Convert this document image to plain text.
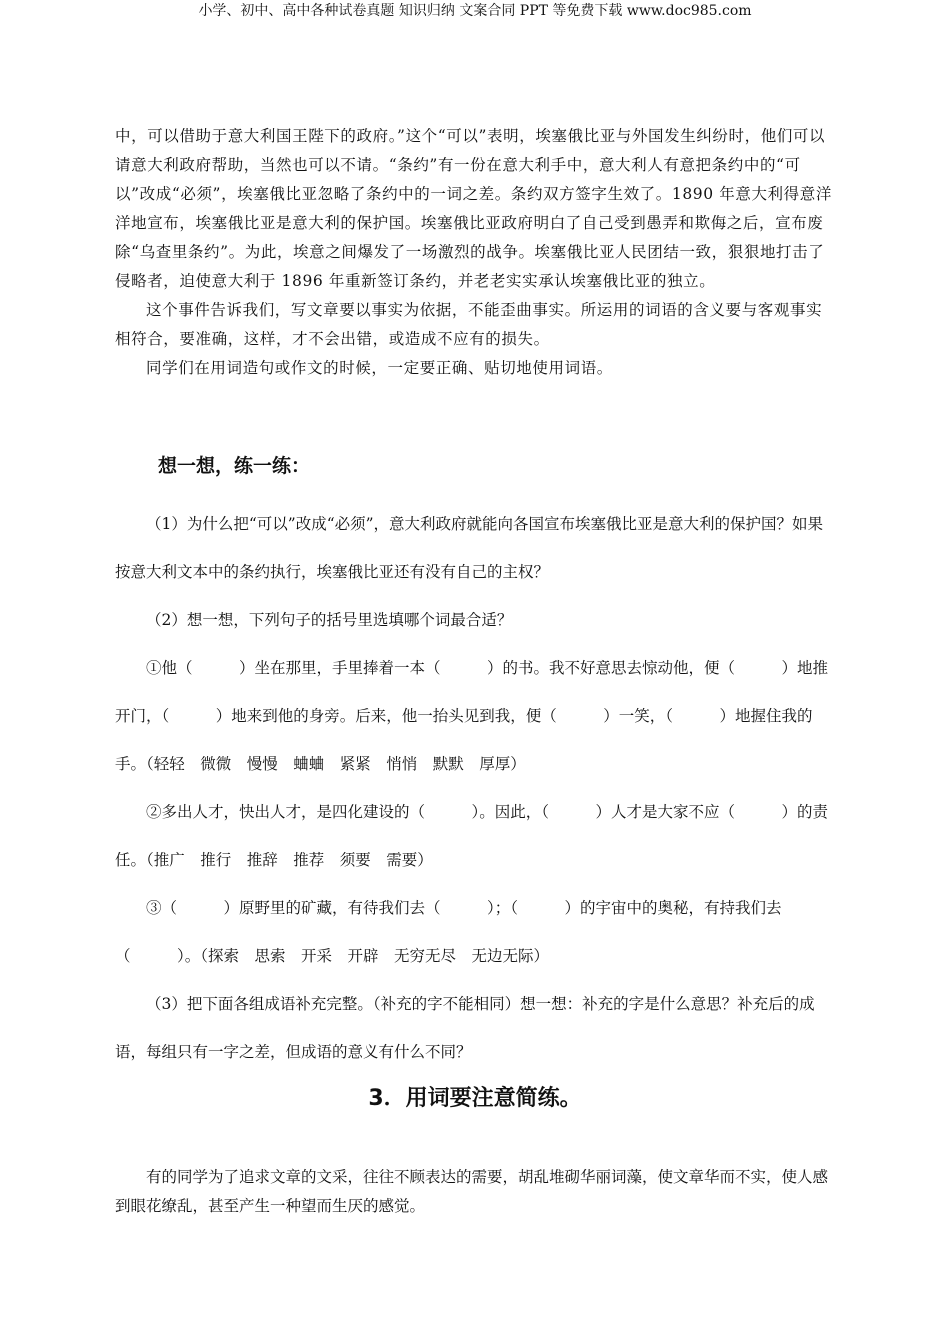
小学、初中、高中各种试卷真题 知识归纳 文案合同 PPT 等免费下载 www.doc985.com

中，可以借助于意大利国王陛下的政府。”这个“可以”表明，埃塞俄比亚与外国发生纠纷时，他们可以请意大利政府帮助，当然也可以不请。“条约”有一份在意大利手中，意大利人有意把条约中的“可以”改成“必须”，埃塞俄比亚忽略了条约中的一词之差。条约双方签字生效了。1890 年意大利得意洋洋地宣布，埃塞俄比亚是意大利的保护国。埃塞俄比亚政府明白了自己受到愚弄和欺侮之后，宣布废除“乌查里条约”。为此，埃意之间爆发了一场激烈的战争。埃塞俄比亚人民团结一致，狠狠地打击了侵略者，迫使意大利于 1896 年重新签订条约，并老老实实承认埃塞俄比亚的独立。

这个事件告诉我们，写文章要以事实为依据，不能歪曲事实。所运用的词语的含义要与客观事实相符合，要准确，这样，才不会出错，或造成不应有的损失。

同学们在用词造句或作文的时候，一定要正确、贴切地使用词语。

想一想，练一练：

（1）为什么把“可以”改成“必须”，意大利政府就能向各国宣布埃塞俄比亚是意大利的保护国？如果按意大利文本中的条约执行，埃塞俄比亚还有没有自己的主权？

（2）想一想，下列句子的括号里选填哪个词最合适？

①他（　　　）坐在那里，手里捧着一本（　　　）的书。我不好意思去惊动他，便（　　　）地推开门，（　　　）地来到他的身旁。后来，他一抬头见到我，便（　　　）一笑，（　　　）地握住我的手。（轻轻　微微　慢慢　蛐蛐　紧紧　悄悄　默默　厚厚）

②多出人才，快出人才，是四化建设的（　　　）。因此，（　　　）人才是大家不应（　　　）的责任。（推广　推行　推辞　推荐　须要　需要）

③（　　　）原野里的矿藏，有待我们去（　　　）；（　　　）的宇宙中的奥秘，有持我们去（　　　）。（探索　思索　开采　开辟　无穷无尽　无边无际）

（3）把下面各组成语补充完整。（补充的字不能相同）想一想：补充的字是什么意思？补充后的成语，每组只有一字之差，但成语的意义有什么不同？

3．用词要注意简练。

有的同学为了追求文章的文采，往往不顾表达的需要，胡乱堆砌华丽词藻，使文章华而不实，使人感到眼花缭乱，甚至产生一种望而生厌的感觉。
